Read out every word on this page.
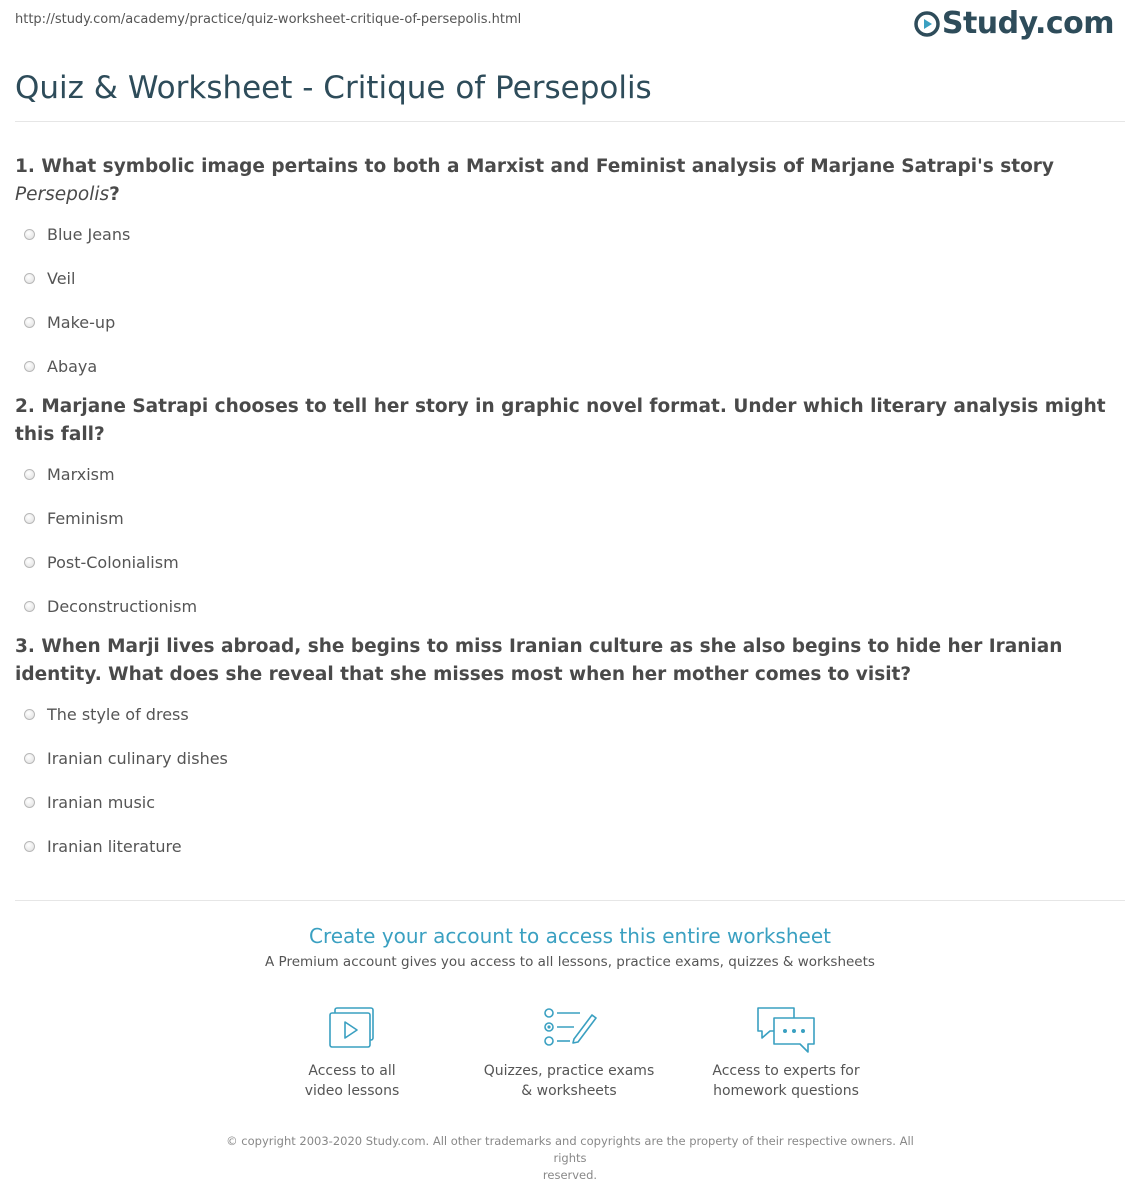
http://study.com/academy/practice/quiz-worksheet-critique-of-persepolis.html	Study.com
Quiz & Worksheet - Critique of Persepolis
1. What symbolic image pertains to both a Marxist and Feminist analysis of Marjane Satrapi's story Persepolis?
Blue Jeans
Veil
Make-up
Abaya
2. Marjane Satrapi chooses to tell her story in graphic novel format. Under which literary analysis might this fall?
Marxism
Feminism
Post-Colonialism
Deconstructionism
3. When Marji lives abroad, she begins to miss Iranian culture as she also begins to hide her Iranian identity. What does she reveal that she misses most when her mother comes to visit?
The style of dress
Iranian culinary dishes
Iranian music
Iranian literature
Create your account to access this entire worksheet
A Premium account gives you access to all lessons, practice exams, quizzes & worksheets
Access to all
video lessons
Quizzes, practice exams
& worksheets
Access to experts for
homework questions
© copyright 2003-2020 Study.com. All other trademarks and copyrights are the property of their respective owners. All rights
reserved.
